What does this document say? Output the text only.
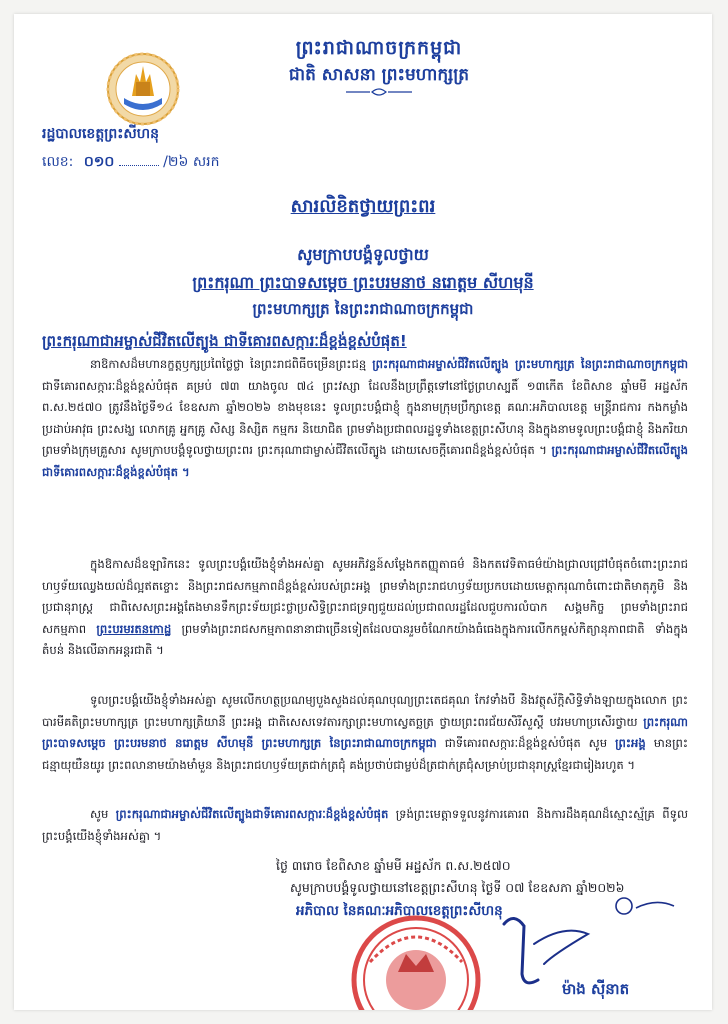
ព្រះរាជាណាចក្រកម្ពុជា
ជាតិ សាសនា ព្រះមហាក្សត្រ
រដ្ឋបាលខេត្តព្រះសីហនុ
លេខ: ០១០	/២៦ សរក
សារលិខិតថ្វាយព្រះពរ
សូមក្រាបបង្គំទូលថ្វាយ
ព្រះករុណា ព្រះបាទសម្តេច ព្រះបរមនាថ នរោត្តម សីហមុនី
ព្រះមហាក្សត្រ នៃព្រះរាជាណាចក្រកម្ពុជា
ព្រះករុណាជាអម្ចាស់ជីវិតលើត្បូង ជាទីគោរពសក្ការៈដ៏ខ្ពង់ខ្ពស់បំផុត!
នាឱកាសដ៏មហានក្ខត្តឫក្សប្រពៃថ្លៃថ្លា នៃព្រះរាជពិធីចម្រើនព្រះជន្ម ព្រះករុណាជាអម្ចាស់ជីវិតលើត្បូង ព្រះមហាក្សត្រ នៃព្រះរាជាណាចក្រកម្ពុជា ជាទីគោរពសក្ការៈដ៏ខ្ពង់ខ្ពស់បំផុត គម្រប់ ៧៣ យាងចូល ៧៤ ព្រះវស្សា ដែលនឹងប្រព្រឹត្តទៅនៅថ្ងៃព្រហស្បតិ៍ ១៣កើត ខែពិសាខ ឆ្នាំមមី អដ្ឋស័ក ព.ស.២៥៧០ ត្រូវនឹងថ្ងៃទី១៤ ខែឧសភា ឆ្នាំ២០២៦ ខាងមុខនេះ ទូលព្រះបង្គំជាខ្ញុំ ក្នុងនាមក្រុមប្រឹក្សាខេត្ត គណៈអភិបាលខេត្ត មន្ត្រីរាជការ កងកម្លាំងប្រដាប់អាវុធ ព្រះសង្ឃ លោកគ្រូ អ្នកគ្រូ សិស្ស និស្សិត កម្មករ និយោជិត ព្រមទាំងប្រជាពលរដ្ឋទូទាំងខេត្តព្រះសីហនុ និងក្នុងនាមទូលព្រះបង្គំជាខ្ញុំ និងភរិយា ព្រមទាំងក្រុមគ្រួសារ សូមក្រាបបង្គំទូលថ្វាយព្រះពរ ព្រះករុណាជាម្ចាស់ជីវិតលើត្បូង ដោយសេចក្តីគោរពដ៏ខ្ពង់ខ្ពស់បំផុត ។ ព្រះករុណាជាអម្ចាស់ជីវិតលើត្បូងជាទីគោរពសក្ការៈដ៏ខ្ពង់ខ្ពស់បំផុត ។
ក្នុងឱកាសដ៏ឧឡារិកនេះ ទូលព្រះបង្គំយើងខ្ញុំទាំងអស់គ្នា សូមអភិវន្ទន៍សម្តែងកតញ្ញុតាធម៌ និងកតវេទិតាធម៌យ៉ាងជ្រាលជ្រៅបំផុតចំពោះព្រះរាជហឫទ័យឈ្វេងយល់ដ៏ល្អឥតខ្ចោះ និងព្រះរាជសកម្មភាពដ៏ខ្ពង់ខ្ពស់របស់ព្រះអង្គ ព្រមទាំងព្រះរាជហឫទ័យប្រកបដោយមេត្តាករុណាចំពោះជាតិមាតុភូមិ និងប្រជានុរាស្ត្រ ជាពិសេសព្រះអង្គតែងមានទឹកព្រះទ័យជ្រះថ្លាប្រសិទ្ធិព្រះរាជទ្រព្យជួយដល់ប្រជាពលរដ្ឋដែលជួបការលំបាក សង្គមកិច្ច ព្រមទាំងព្រះរាជសកម្មភាព ព្រះបរមរតនកោដ្ឋ ព្រមទាំងព្រះរាជសកម្មភាពនានាជាច្រើនទៀតដែលបានរួមចំណែកយ៉ាងធំធេងក្នុងការលើកកម្ពស់កិត្យានុភាពជាតិ ទាំងក្នុងតំបន់ និងលើឆាកអន្តរជាតិ ។
ទូលព្រះបង្គំយើងខ្ញុំទាំងអស់គ្នា សូមលើកហត្ថប្រណម្យបួងសួងដល់គុណបុណ្យព្រះតេជគុណ កែវទាំងបី និងវត្ថុស័ក្តិសិទ្ធិទាំងឡាយក្នុងលោក ព្រះបារមីគតិព្រះមហាក្សត្រ ព្រះមហាក្សត្រិយានី ព្រះអង្គ ជាតិសេសទេវតារក្សាព្រះមហាស្វេតច្ឆត្រ ថ្វាយព្រះពរជ័យសិរីសួស្តី បវរមហាប្រសើរថ្វាយ ព្រះករុណា ព្រះបាទសម្តេច ព្រះបរមនាថ នរោត្តម សីហមុនី ព្រះមហាក្សត្រ នៃព្រះរាជាណាចក្រកម្ពុជា ជាទីគោរពសក្ការៈដ៏ខ្ពង់ខ្ពស់បំផុត សូម ព្រះអង្គ មានព្រះជន្មាយុយឺនយូរ ព្រះពលានាមយ៉ាងមាំមួន និងព្រះរាជហឫទ័យត្រជាក់ត្រជុំ គង់ប្រថាប់ជាម្លប់ដ៏ត្រជាក់ត្រជុំសម្រាប់ប្រជានុរាស្ត្រខ្មែរជារៀងរហូត ។
សូម ព្រះករុណាជាអម្ចាស់ជីវិតលើត្បូងជាទីគោរពសក្ការៈដ៏ខ្ពង់ខ្ពស់បំផុត ទ្រង់ព្រះមេត្តាទទួលនូវការគោរព និងការដឹងគុណដ៏ស្មោះស្ម័គ្រ ពីទូលព្រះបង្គំយើងខ្ញុំទាំងអស់គ្នា ។
ថ្ងៃ ៣រោច ខែពិសាខ ឆ្នាំមមី អដ្ឋស័ក ព.ស.២៥៧០
សូមក្រាបបង្គំទូលថ្វាយនៅខេត្តព្រះសីហនុ ថ្ងៃទី ០៧ ខែឧសភា ឆ្នាំ២០២៦
អភិបាល នៃគណៈអភិបាលខេត្តព្រះសីហនុ
ម៉ាង ស៊ីនាត
